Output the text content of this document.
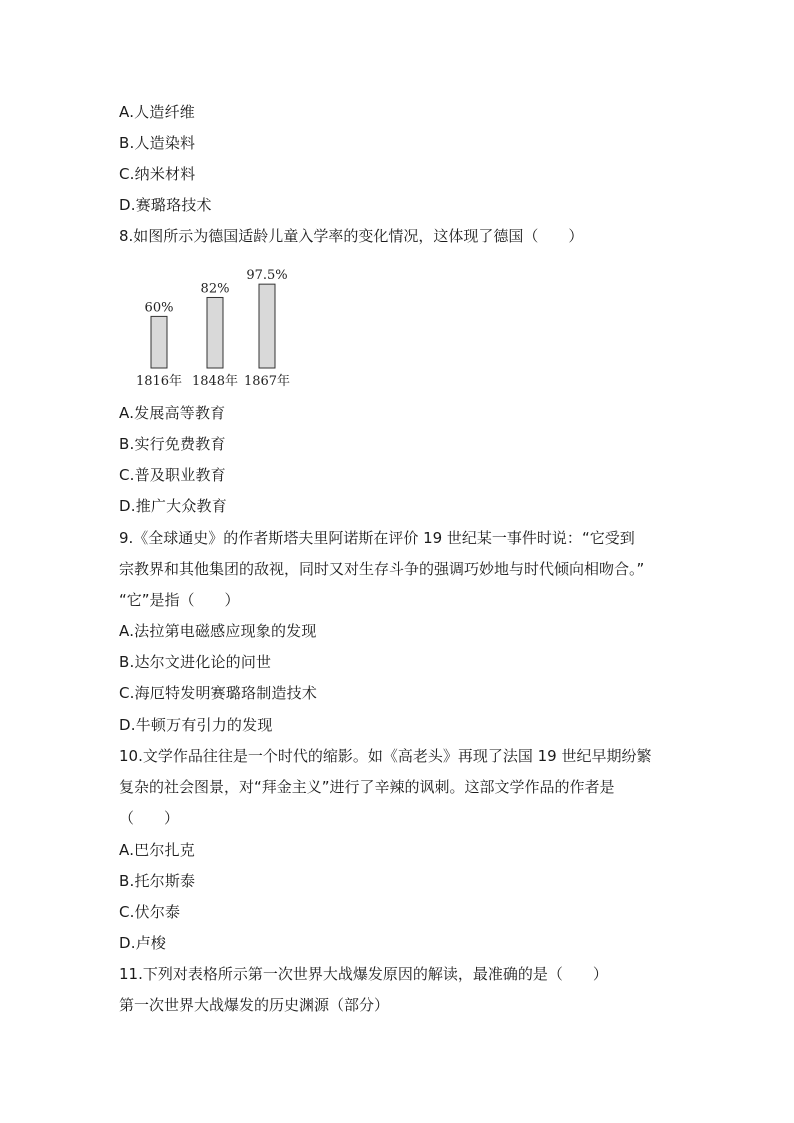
A.人造纤维
B.人造染料
C.纳米材料
D.赛璐珞技术
8.如图所示为德国适龄儿童入学率的变化情况，这体现了德国（　　）
60%
1816年
82%
1848年
97.5%
1867年
A.发展高等教育
B.实行免费教育
C.普及职业教育
D.推广大众教育
9.《全球通史》的作者斯塔夫里阿诺斯在评价 19 世纪某一事件时说：“它受到
宗教界和其他集团的敌视，同时又对生存斗争的强调巧妙地与时代倾向相吻合。”
“它”是指（　　）
A.法拉第电磁感应现象的发现
B.达尔文进化论的问世
C.海厄特发明赛璐珞制造技术
D.牛顿万有引力的发现
10.文学作品往往是一个时代的缩影。如《高老头》再现了法国 19 世纪早期纷繁
复杂的社会图景，对“拜金主义”进行了辛辣的讽刺。这部文学作品的作者是
（　　）
A.巴尔扎克
B.托尔斯泰
C.伏尔泰
D.卢梭
11.下列对表格所示第一次世界大战爆发原因的解读，最准确的是（　　）
第一次世界大战爆发的历史渊源（部分）
